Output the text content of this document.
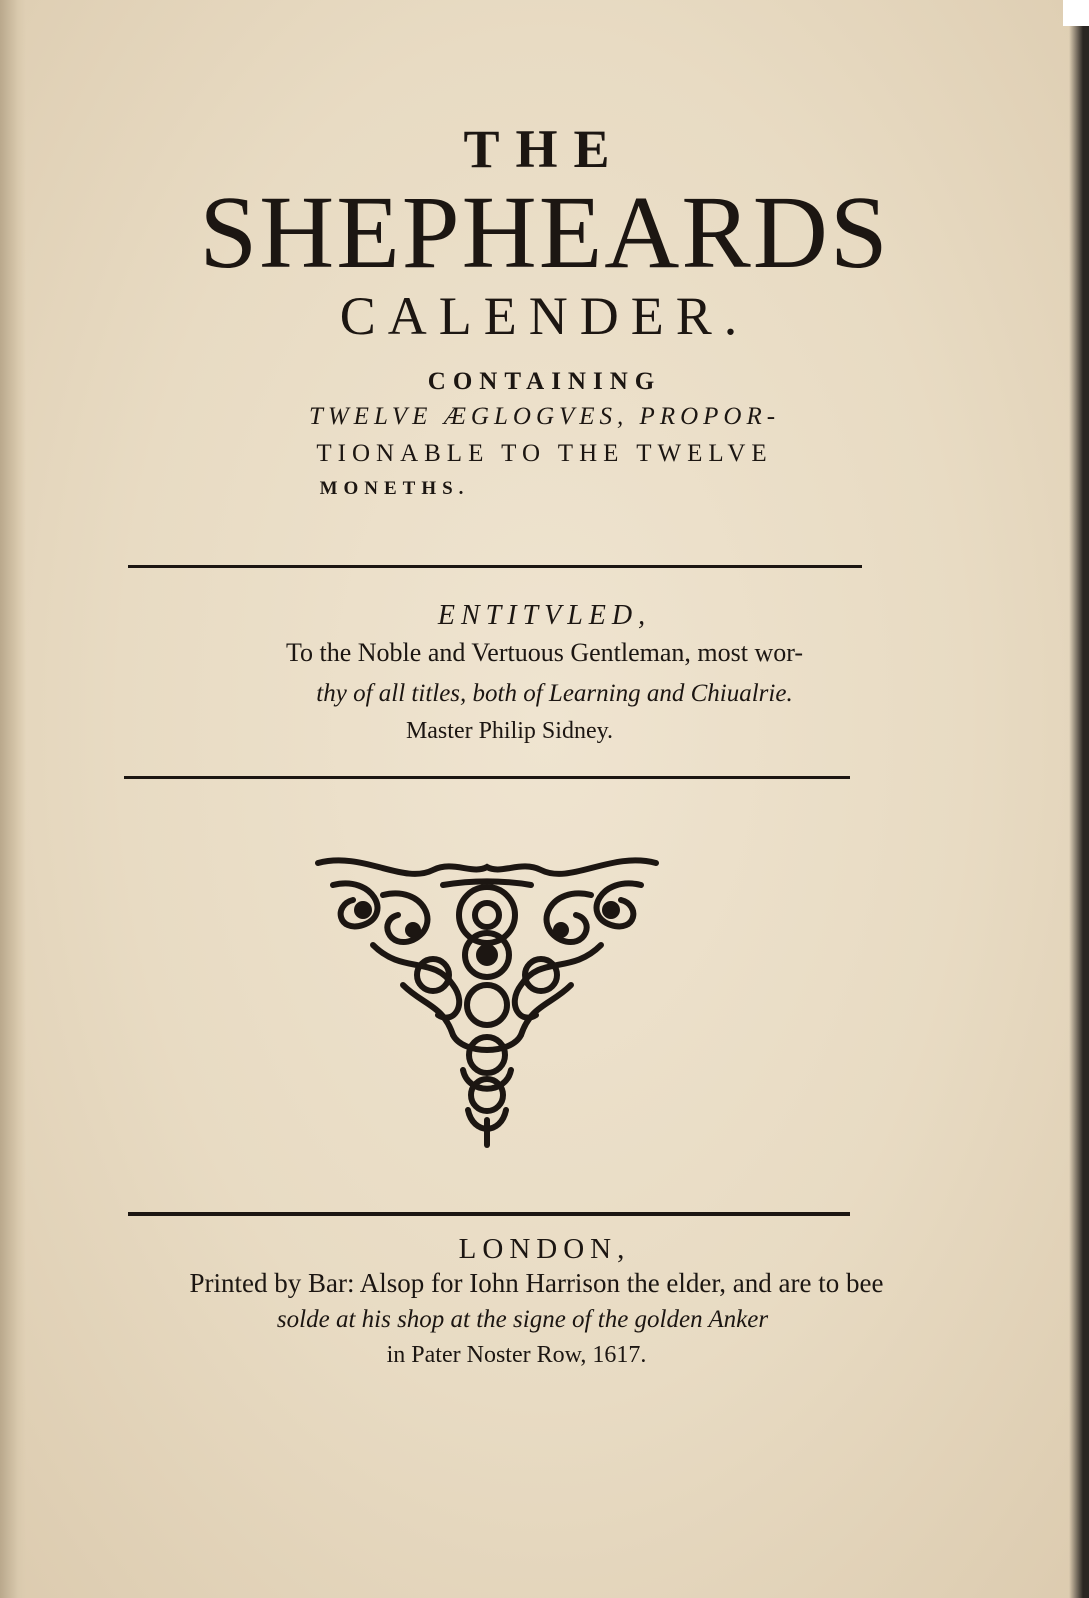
THE
SHEPHEARDS
CALENDER.
CONTAINING
TWELVE ÆGLOGVES, PROPOR-
TIONABLE TO THE TWELVE
MONETHS.
ENTITVLED,
To the Noble and Vertuous Gentleman, most wor-
thy of all titles, both of Learning and Chiualrie.
Master Philip Sidney.
LONDON,
Printed by Bar: Alsop for Iohn Harrison the elder, and are to bee
solde at his shop at the signe of the golden Anker
in Pater Noster Row, 1617.
